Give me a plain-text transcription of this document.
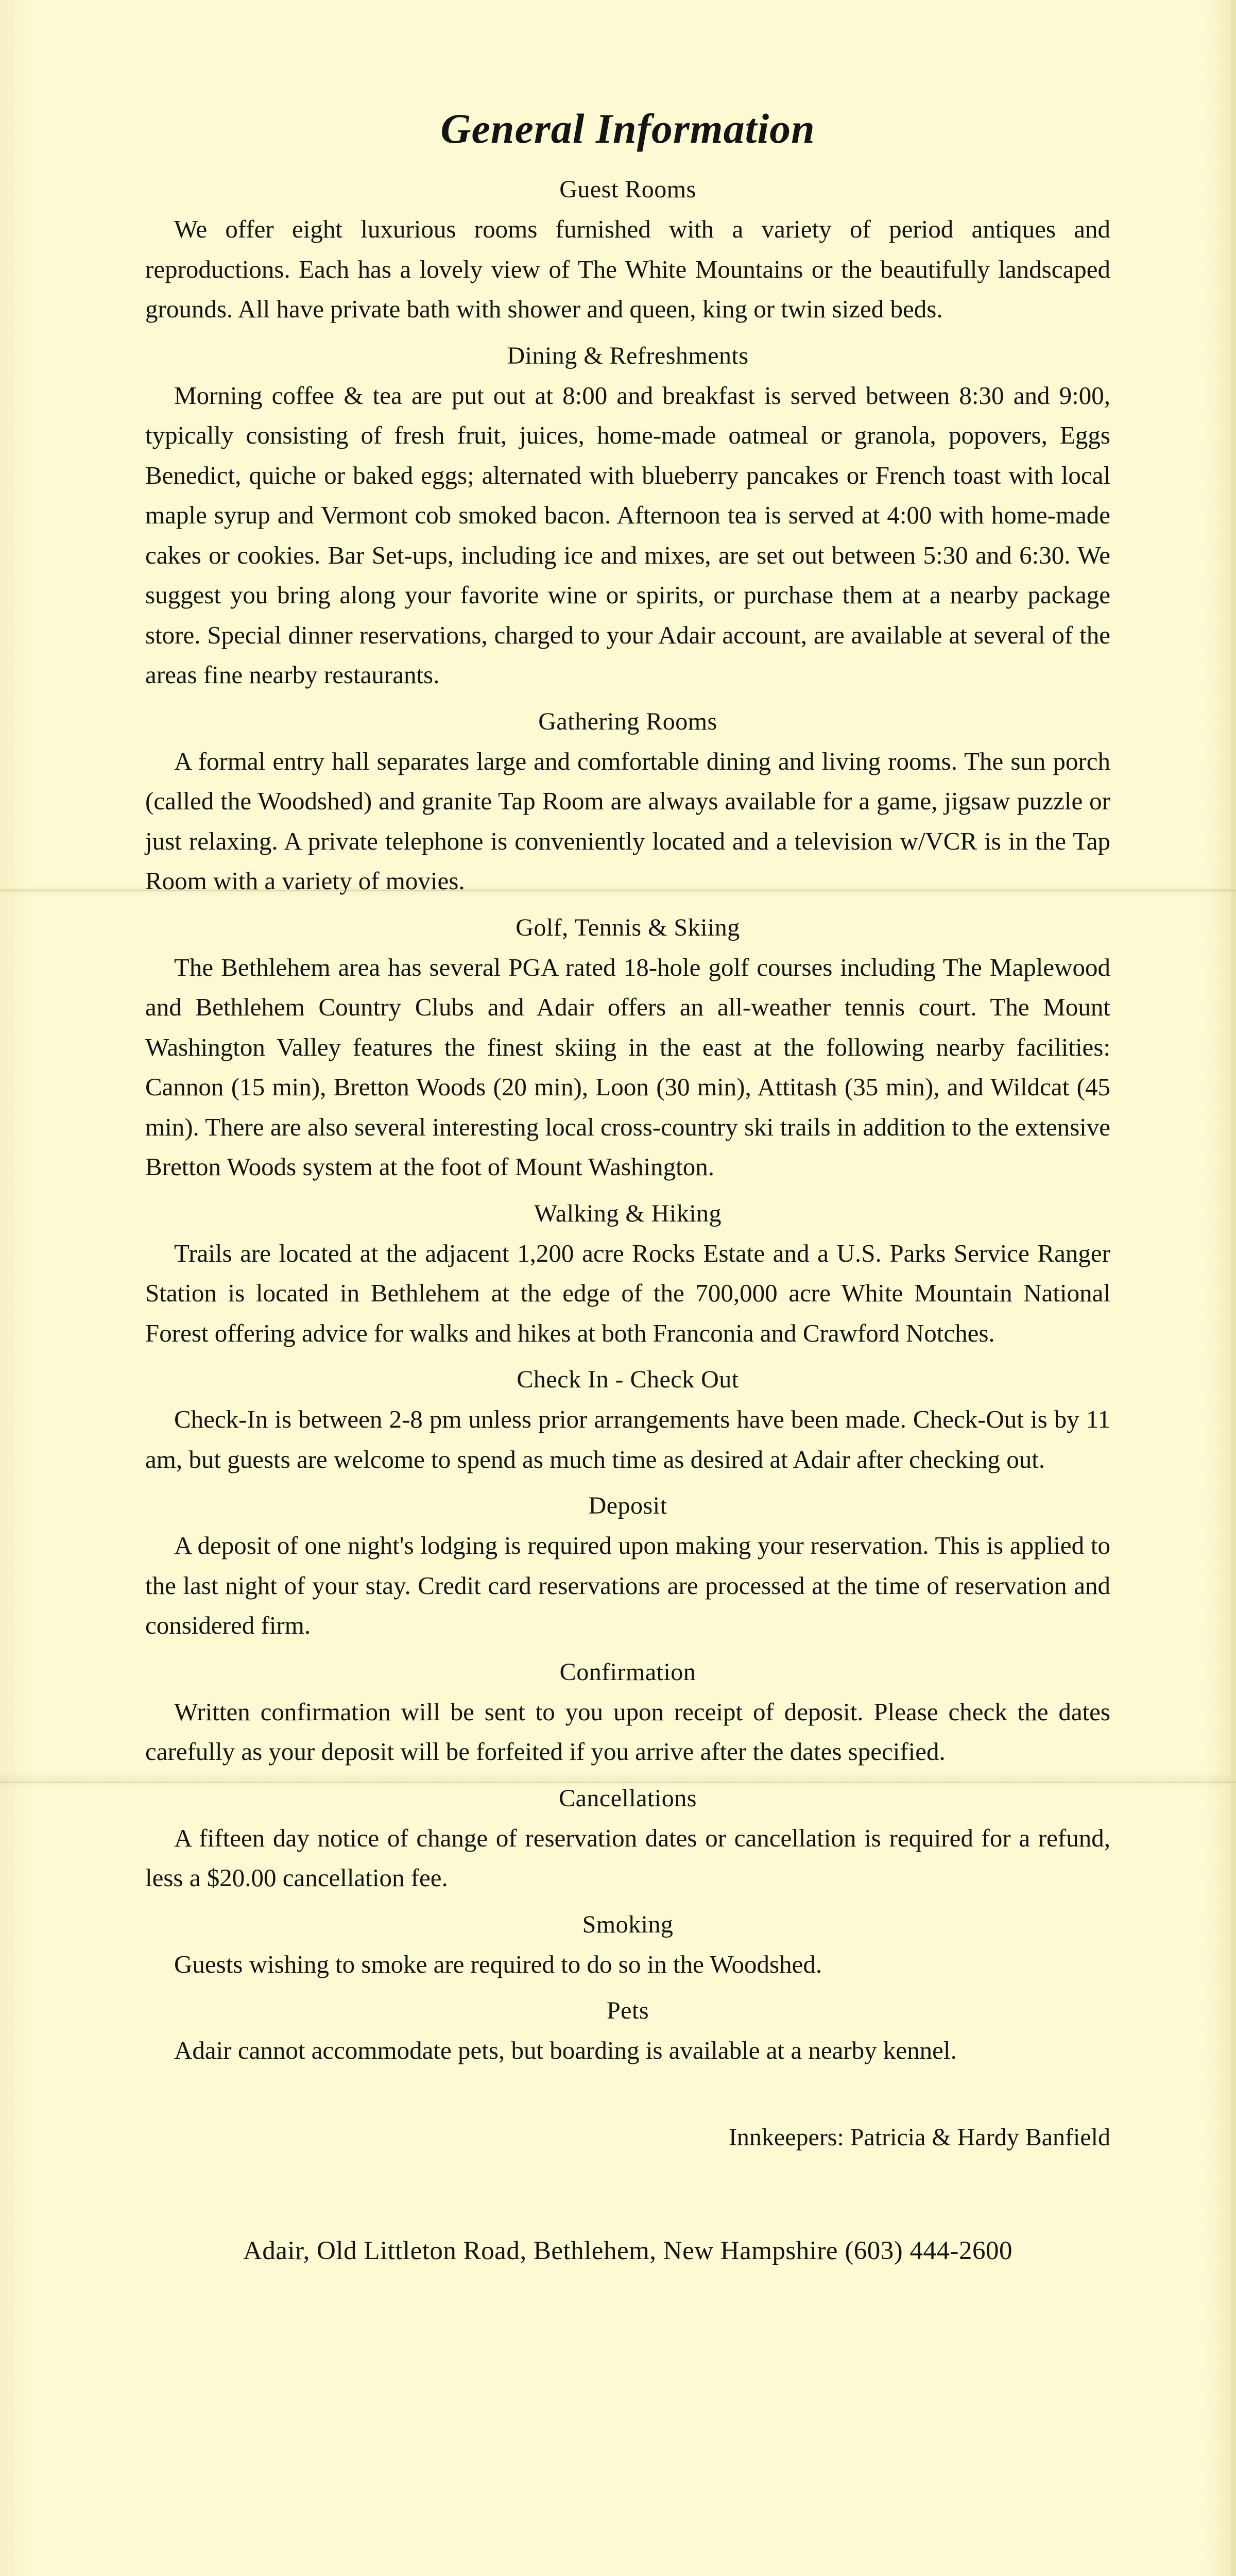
General Information
Guest Rooms

We offer eight luxurious rooms furnished with a variety of period antiques and reproductions. Each has a lovely view of The White Mountains or the beautifully landscaped grounds. All have private bath with shower and queen, king or twin sized beds.

Dining & Refreshments

Morning coffee & tea are put out at 8:00 and breakfast is served between 8:30 and 9:00, typically consisting of fresh fruit, juices, home-made oatmeal or granola, popovers, Eggs Benedict, quiche or baked eggs; alternated with blueberry pancakes or French toast with local maple syrup and Vermont cob smoked bacon. Afternoon tea is served at 4:00 with home-made cakes or cookies. Bar Set-ups, including ice and mixes, are set out between 5:30 and 6:30. We suggest you bring along your favorite wine or spirits, or purchase them at a nearby package store. Special dinner reservations, charged to your Adair account, are available at several of the areas fine nearby restaurants.

Gathering Rooms

A formal entry hall separates large and comfortable dining and living rooms. The sun porch (called the Woodshed) and granite Tap Room are always available for a game, jigsaw puzzle or just relaxing. A private telephone is conveniently located and a television w/VCR is in the Tap Room with a variety of movies.

Golf, Tennis & Skiing

The Bethlehem area has several PGA rated 18-hole golf courses including The Maplewood and Bethlehem Country Clubs and Adair offers an all-weather tennis court. The Mount Washington Valley features the finest skiing in the east at the following nearby facilities: Cannon (15 min), Bretton Woods (20 min), Loon (30 min), Attitash (35 min), and Wildcat (45 min). There are also several interesting local cross-country ski trails in addition to the extensive Bretton Woods system at the foot of Mount Washington.

Walking & Hiking

Trails are located at the adjacent 1,200 acre Rocks Estate and a U.S. Parks Service Ranger Station is located in Bethlehem at the edge of the 700,000 acre White Mountain National Forest offering advice for walks and hikes at both Franconia and Crawford Notches.

Check In - Check Out

Check-In is between 2-8 pm unless prior arrangements have been made. Check-Out is by 11 am, but guests are welcome to spend as much time as desired at Adair after checking out.

Deposit

A deposit of one night's lodging is required upon making your reservation. This is applied to the last night of your stay. Credit card reservations are processed at the time of reservation and considered firm.

Confirmation

Written confirmation will be sent to you upon receipt of deposit. Please check the dates carefully as your deposit will be forfeited if you arrive after the dates specified.

Cancellations

A fifteen day notice of change of reservation dates or cancellation is required for a refund, less a $20.00 cancellation fee.

Smoking

Guests wishing to smoke are required to do so in the Woodshed.

Pets

Adair cannot accommodate pets, but boarding is available at a nearby kennel.

Innkeepers: Patricia & Hardy Banfield

Adair, Old Littleton Road, Bethlehem, New Hampshire (603) 444-2600
